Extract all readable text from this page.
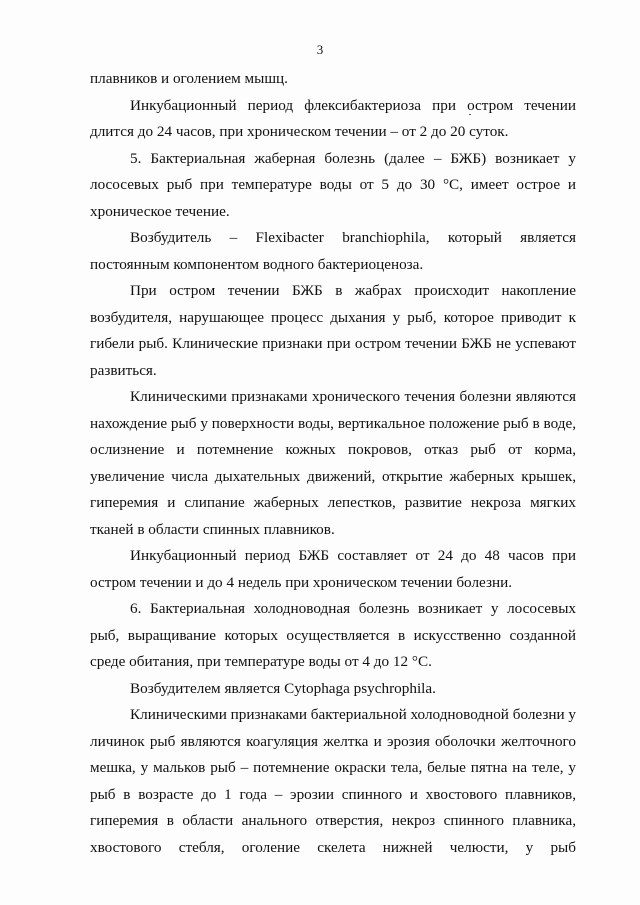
3

плавников и оголением мышц.

Инкубационный период флексибактериоза при остром течении длится до 24 часов, при хроническом течении – от 2 до 20 суток.

5. Бактериальная жаберная болезнь (далее – БЖБ) возникает у лососевых рыб при температуре воды от 5 до 30 °С, имеет острое и хроническое течение.

Возбудитель – Flexibacter branchiophila, который является постоянным компонентом водного бактериоценоза.

При остром течении БЖБ в жабрах происходит накопление возбудителя, нарушающее процесс дыхания у рыб, которое приводит к гибели рыб. Клинические признаки при остром течении БЖБ не успевают развиться.

Клиническими признаками хронического течения болезни являются нахождение рыб у поверхности воды, вертикальное положение рыб в воде, ослизнение и потемнение кожных покровов, отказ рыб от корма, увеличение числа дыхательных движений, открытие жаберных крышек, гиперемия и слипание жаберных лепестков, развитие некроза мягких тканей в области спинных плавников.

Инкубационный период БЖБ составляет от 24 до 48 часов при остром течении и до 4 недель при хроническом течении болезни.

6. Бактериальная холодноводная болезнь возникает у лососевых рыб, выращивание которых осуществляется в искусственно созданной среде обитания, при температуре воды от 4 до 12 °С.

Возбудителем является Cytophaga psychrophila.

Клиническими признаками бактериальной холодноводной болезни у личинок рыб являются коагуляция желтка и эрозия оболочки желточного мешка, у мальков рыб – потемнение окраски тела, белые пятна на теле, у рыб в возрасте до 1 года – эрозии спинного и хвостового плавников, гиперемия в области анального отверстия, некроз спинного плавника, хвостового стебля, оголение скелета нижней челюсти, у рыб
